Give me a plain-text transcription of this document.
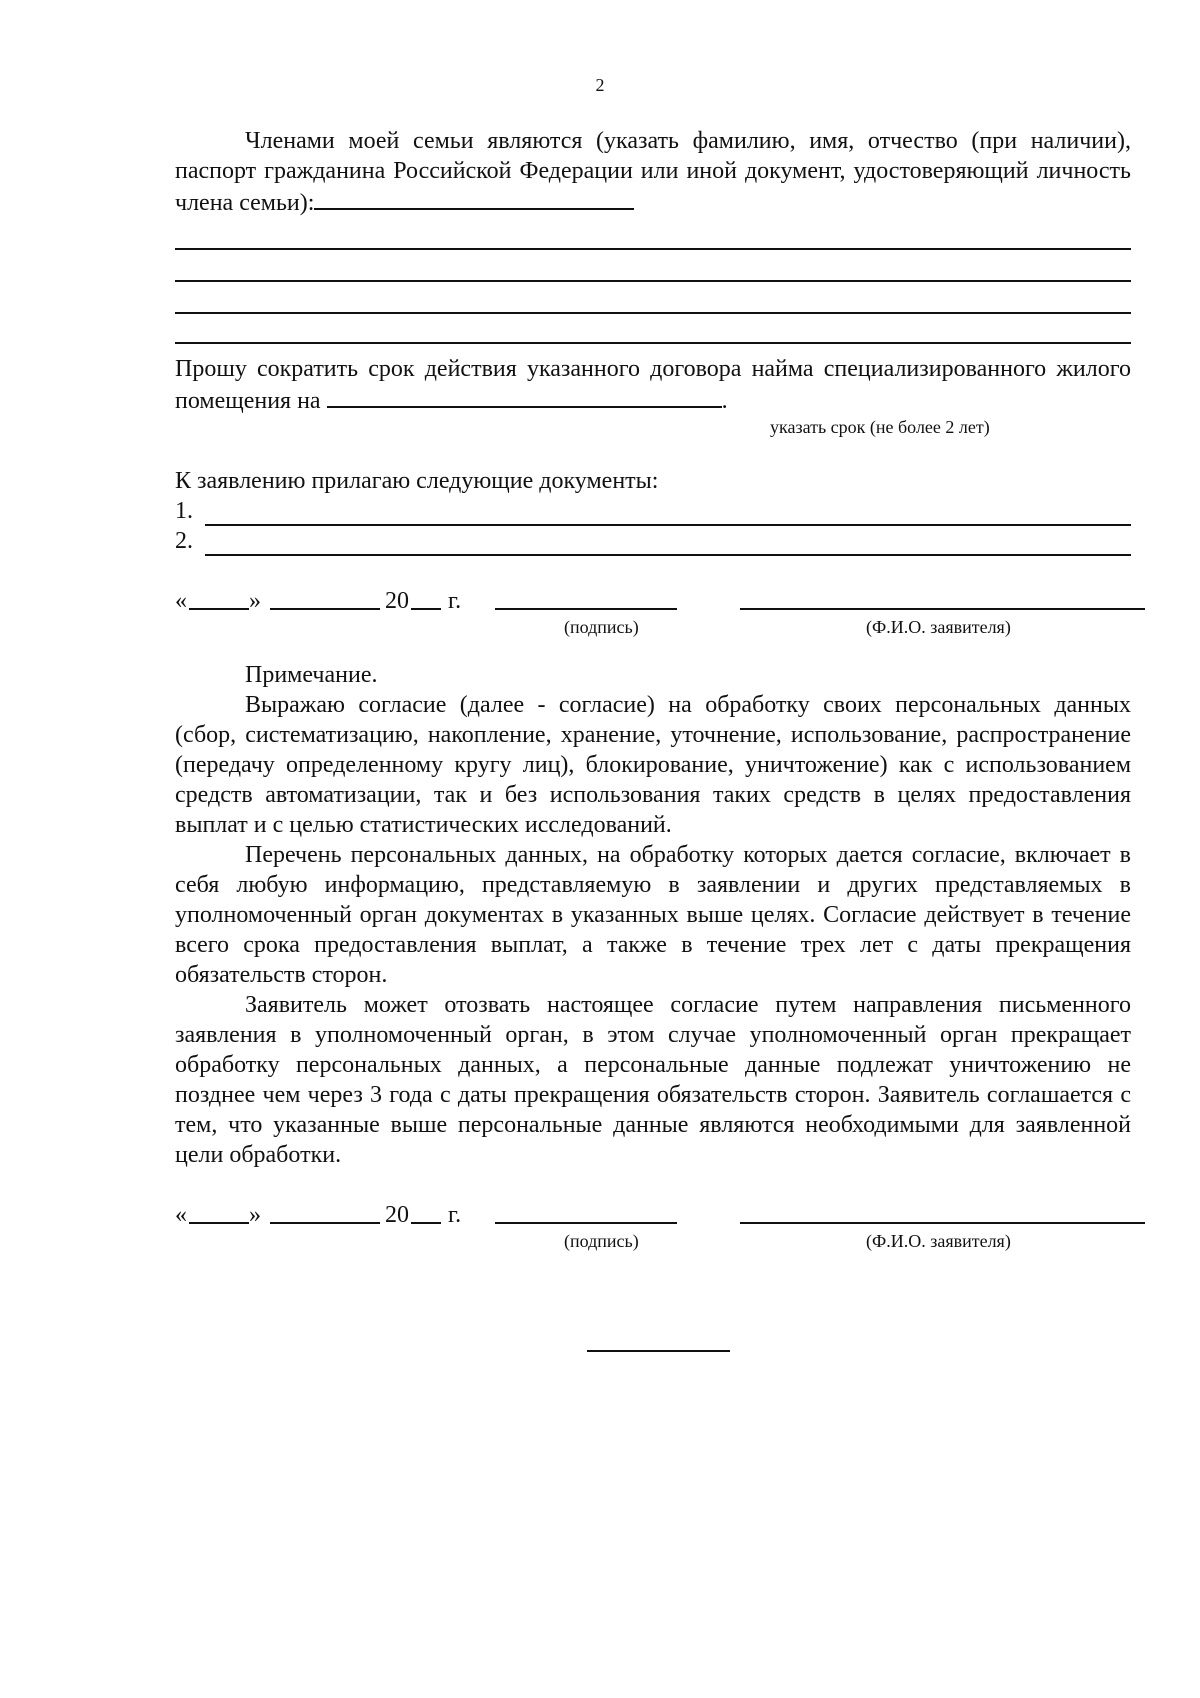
2

Членами моей семьи являются (указать фамилию, имя, отчество (при наличии), паспорт гражданина Российской Федерации или иной документ, удостоверяющий личность члена семьи):

Прошу сократить срок действия указанного договора найма специализированного жилого помещения на	.

указать срок (не более 2 лет)
К заявлению прилагаю следующие документы:
1.
2.
«	»	20 г.
(подпись)	(Ф.И.О. заявителя)

Примечание.

Выражаю согласие (далее - согласие) на обработку своих персональных данных (сбор, систематизацию, накопление, хранение, уточнение, использование, распространение (передачу определенному кругу лиц), блокирование, уничтожение) как с использованием средств автоматизации, так и без использования таких средств в целях предоставления выплат и с целью статистических исследований.

Перечень персональных данных, на обработку которых дается согласие, включает в себя любую информацию, представляемую в заявлении и других представляемых в уполномоченный орган документах в указанных выше целях. Согласие действует в течение всего срока предоставления выплат, а также в течение трех лет с даты прекращения обязательств сторон.

Заявитель может отозвать настоящее согласие путем направления письменного заявления в уполномоченный орган, в этом случае уполномоченный орган прекращает обработку персональных данных, а персональные данные подлежат уничтожению не позднее чем через 3 года с даты прекращения обязательств сторон. Заявитель соглашается с тем, что указанные выше персональные данные являются необходимыми для заявленной цели обработки.

«	»	20 г.
(подпись)	(Ф.И.О. заявителя)
